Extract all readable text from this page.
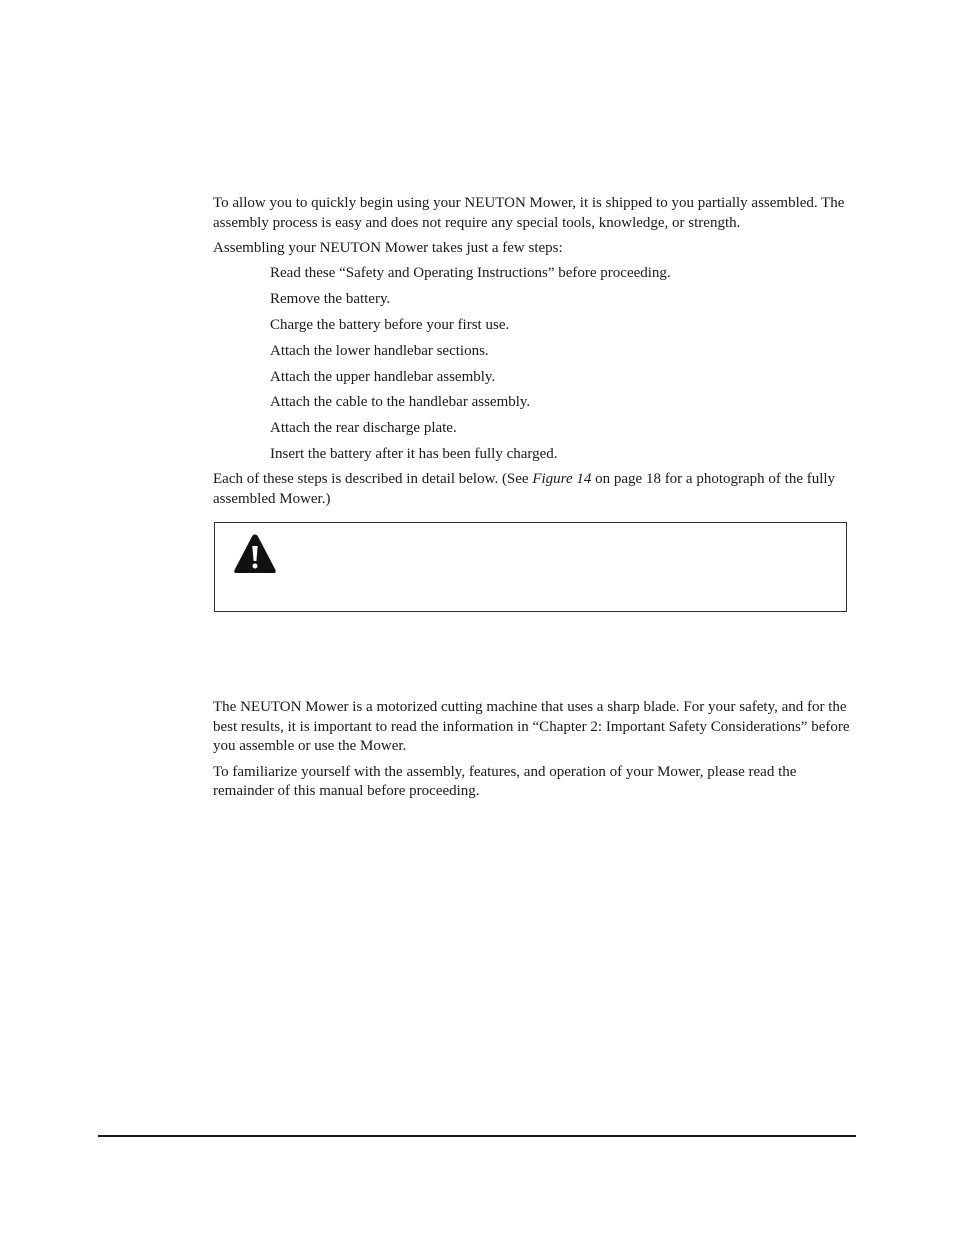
To allow you to quickly begin using your NEUTON Mower, it is shipped to you partially assembled. The assembly process is easy and does not require any special tools, knowledge, or strength.

Assembling your NEUTON Mower takes just a few steps:

Read these “Safety and Operating Instructions” before proceeding.
Remove the battery.
Charge the battery before your first use.
Attach the lower handlebar sections.
Attach the upper handlebar assembly.
Attach the cable to the handlebar assembly.
Attach the rear discharge plate.
Insert the battery after it has been fully charged.

Each of these steps is described in detail below. (See Figure 14 on page 18 for a photograph of the fully assembled Mower.)

The NEUTON Mower is a motorized cutting machine that uses a sharp blade. For your safety, and for the best results, it is important to read the information in “Chapter 2: Important Safety Considerations” before you assemble or use the Mower.

To familiarize yourself with the assembly, features, and operation of your Mower, please read the remainder of this manual before proceeding.
